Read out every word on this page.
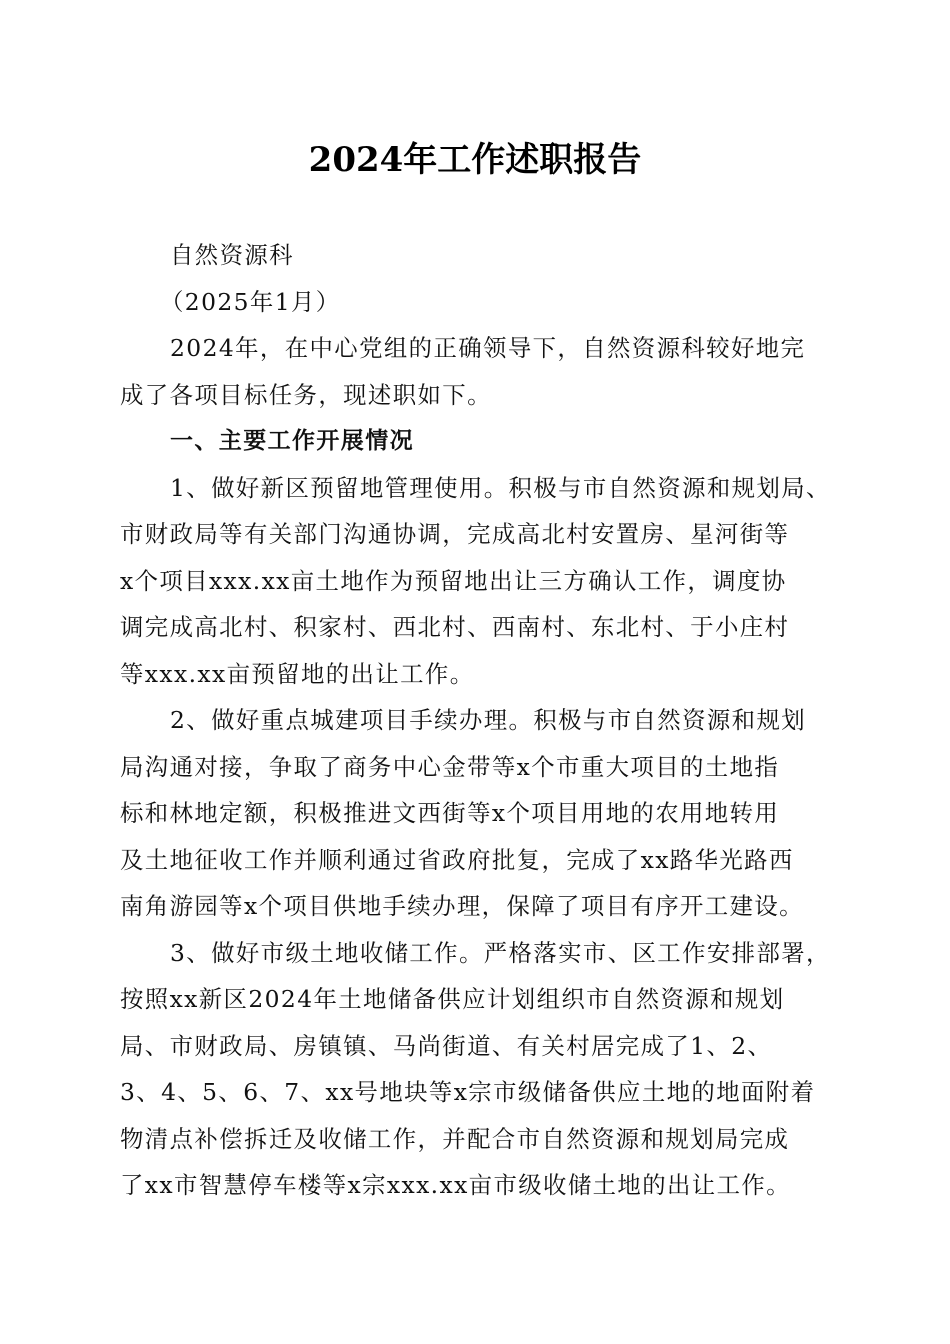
2024年工作述职报告
自然资源科
（2025年1月）
2024年，在中心党组的正确领导下，自然资源科较好地完
成了各项目标任务，现述职如下。
一、主要工作开展情况
1、做好新区预留地管理使用。积极与市自然资源和规划局、
市财政局等有关部门沟通协调，完成高北村安置房、星河街等
x个项目xxx.xx亩土地作为预留地出让三方确认工作，调度协
调完成高北村、积家村、西北村、西南村、东北村、于小庄村
等xxx.xx亩预留地的出让工作。
2、做好重点城建项目手续办理。积极与市自然资源和规划
局沟通对接，争取了商务中心金带等x个市重大项目的土地指
标和林地定额，积极推进文西街等x个项目用地的农用地转用
及土地征收工作并顺利通过省政府批复，完成了xx路华光路西
南角游园等x个项目供地手续办理，保障了项目有序开工建设。
3、做好市级土地收储工作。严格落实市、区工作安排部署，
按照xx新区2024年土地储备供应计划组织市自然资源和规划
局、市财政局、房镇镇、马尚街道、有关村居完成了1、2、
3、4、5、6、7、xx号地块等x宗市级储备供应土地的地面附着
物清点补偿拆迁及收储工作，并配合市自然资源和规划局完成
了xx市智慧停车楼等x宗xxx.xx亩市级收储土地的出让工作。
